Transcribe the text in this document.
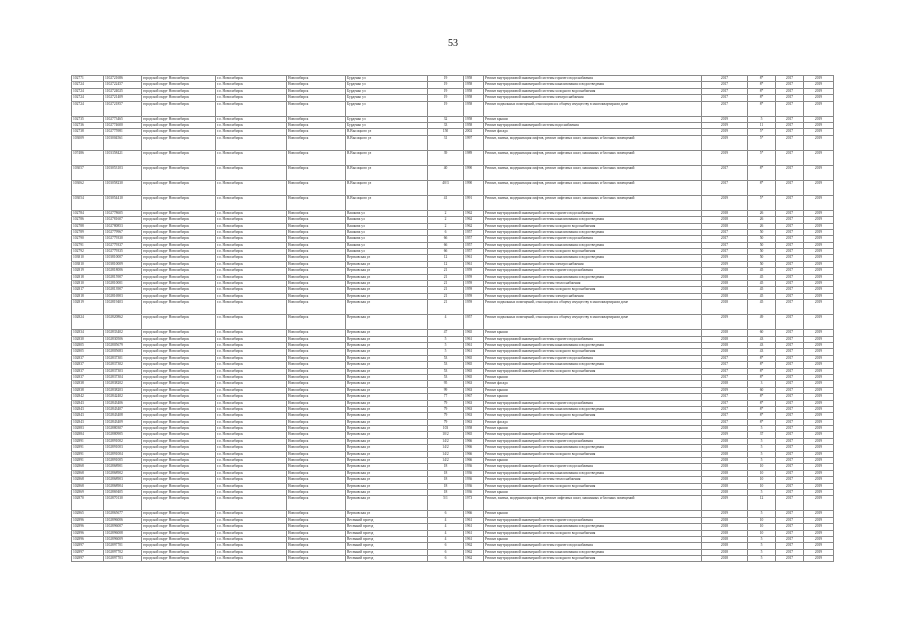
53
102771	1102721686	городской округ Новосибирск	г.о. Новосибирск	Новосибирск	Бурденко ул	19	1958	Ремонт внутридомовой инженерной системы горячего водоснабжения	2017	8*	2017	2019
102724	1102722457	городской округ Новосибирск	г.о. Новосибирск	Новосибирск	Бурденко ул	19	1958	Ремонт внутридомовой инженерной системы канализования и водоотведения	2017	8*	2017	2019
102724	1102724025	городской округ Новосибирск	г.о. Новосибирск	Новосибирск	Бурденко ул	19	1958	Ремонт внутридомовой инженерной системы холодного водоснабжения	2017	8*	2017	2019
102724	1102721409	городской округ Новосибирск	г.о. Новосибирск	Новосибирск	Бурденко ул	19	1958	Ремонт внутридомовой инженерной системы электроснабжения	2017	8*	2017	2019
102724	1102721857	городской округ Новосибирск	г.о. Новосибирск	Новосибирск	Бурденко ул	19	1958	Ремонт подвальных помещений, относящихся к общему имуществу в многоквартирном доме	2017	8*	2017	2019
102735	1102773465	городской округ Новосибирск	г.о. Новосибирск	Новосибирск	Бурденко ул	32	1958	Ремонт крыши	2019	5	2017	2019
102736	1102774600	городской округ Новосибирск	г.о. Новосибирск	Новосибирск	Бурденко ул	33	1958	Ремонт внутридомовой инженерной системы водоснабжения	2019	11	2017	2019
102738	1102775981	городской округ Новосибирск	г.о. Новосибирск	Новосибирск	В.Высоцкого ул	150	2002	Ремонт фасада	2019	5*	2017	2019
103009	1103004561	городской округ Новосибирск	г.о. Новосибирск	Новосибирск	В.Высоцкого ул	31	1997	Ремонт, замена, модернизация лифтов, ремонт лифтовых шахт, машинных и блочных помещений	2019	5*	2017	2019
107486	1103358421	городской округ Новосибирск	г.о. Новосибирск	Новосибирск	В.Высоцкого ул	39	1989	Ремонт, замена, модернизация лифтов, ремонт лифтовых шахт, машинных и блочных помещений	2019	5*	2017	2019
103057	1103053103	городской округ Новосибирск	г.о. Новосибирск	Новосибирск	В.Высоцкого ул	40	1990	Ремонт, замена, модернизация лифтов, ремонт лифтовых шахт, машинных и блочных помещений	2017	8*	2017	2019
103062	1103058230	городской округ Новосибирск	г.о. Новосибирск	Новосибирск	В.Высоцкого ул	40/3	1990	Ремонт, замена, модернизация лифтов, ремонт лифтовых шахт, машинных и блочных помещений	2017	8*	2017	2019
103054	1103054410	городской округ Новосибирск	г.о. Новосибирск	Новосибирск	В.Высоцкого ул	41	1991	Ремонт, замена, модернизация лифтов, ремонт лифтовых шахт, машинных и блочных помещений	2019	5*	2017	2019
102784	1102778605	городской округ Новосибирск	г.о. Новосибирск	Новосибирск	Вашкова ул	2	1962	Ремонт внутридомовой инженерной системы горячего водоснабжения	2018	26	2017	2019
102786	1102781607	городской округ Новосибирск	г.о. Новосибирск	Новосибирск	Вашкова ул	2	1962	Ремонт внутридомовой инженерной системы канализования и водоотведения	2018	26	2017	2019
102788	1102780853	городской округ Новосибирск	г.о. Новосибирск	Новосибирск	Вашкова ул	2	1962	Ремонт внутридомовой инженерной системы холодного водоснабжения	2018	26	2017	2019
102789	1102779967	городской округ Новосибирск	г.о. Новосибирск	Новосибирск	Вашкова ул	6	1957	Ремонт внутридомовой инженерной системы канализования и водоотведения	2017	50	2017	2019
102790	1102779330	городской округ Новосибирск	г.о. Новосибирск	Новосибирск	Вашкова ул	66	1957	Ремонт внутридомовой инженерной системы горячего водоснабжения	2017	50	2017	2019
102791	1102779337	городской округ Новосибирск	г.о. Новосибирск	Новосибирск	Вашкова ул	66	1957	Ремонт внутридомовой инженерной системы канализования и водоотведения	2017	50	2017	2019
102792	1102779335	городской округ Новосибирск	г.о. Новосибирск	Новосибирск	Вашкова ул	66	1957	Ремонт внутридомовой инженерной системы холодного водоснабжения	2017	50	2017	2019
103810	1103810007	городской округ Новосибирск	г.о. Новосибирск	Новосибирск	Вертковская ул	12	1961	Ремонт внутридомовой инженерной системы канализования и водоотведения	2019	50	2017	2019
103810	1103810009	городской округ Новосибирск	г.о. Новосибирск	Новосибирск	Вертковская ул	12	1961	Ремонт внутридомовой инженерной системы электроснабжения	2019	50	2017	2019
102819	1102818006	городской округ Новосибирск	г.о. Новосибирск	Новосибирск	Вертковская ул	21	1959	Ремонт внутридомовой инженерной системы горячего водоснабжения	2018	45	2017	2019
102818	1102815907	городской округ Новосибирск	г.о. Новосибирск	Новосибирск	Вертковская ул	21	1959	Ремонт внутридомовой инженерной системы канализования и водоотведения	2018	45	2017	2019
102810	1102810001	городской округ Новосибирск	г.о. Новосибирск	Новосибирск	Вертковская ул	21	1959	Ремонт внутридомовой инженерной системы теплоснабжения	2018	45	2017	2019
102817	1102813907	городской округ Новосибирск	г.о. Новосибирск	Новосибирск	Вертковская ул	21	1959	Ремонт внутридомовой инженерной системы холодного водоснабжения	2018	45	2017	2019
102818	1102816903	городской округ Новосибирск	г.о. Новосибирск	Новосибирск	Вертковская ул	21	1959	Ремонт внутридомовой инженерной системы электроснабжения	2018	45	2017	2019
102819	1102819403	городской округ Новосибирск	г.о. Новосибирск	Новосибирск	Вертковская ул	21	1959	Ремонт подвальных помещений, относящихся к общему имуществу в многоквартирном доме	2018	45	2017	2019
102824	1102820862	городской округ Новосибирск	г.о. Новосибирск	Новосибирск	Вертковская ул	4	1957	Ремонт подвальных помещений, относящихся к общему имуществу в многоквартирном доме	2019	49	2017	2019
102834	1102833402	городской округ Новосибирск	г.о. Новосибирск	Новосибирск	Вертковская ул	47	1965	Ремонт крыши	2018	60	2017	2019
102830	1102830506	городской округ Новосибирск	г.о. Новосибирск	Новосибирск	Вертковская ул	5	1961	Ремонт внутридомовой инженерной системы горячего водоснабжения	2018	43	2017	2019
102805	1102805679	городской округ Новосибирск	г.о. Новосибирск	Новосибирск	Вертковская ул	5	1961	Ремонт внутридомовой инженерной системы канализования и водоотведения	2018	43	2017	2019
102805	1102805683	городской округ Новосибирск	г.о. Новосибирск	Новосибирск	Вертковская ул	5	1961	Ремонт внутридомовой инженерной системы холодного водоснабжения	2018	43	2017	2019
102837	1102837301	городской округ Новосибирск	г.о. Новосибирск	Новосибирск	Вертковская ул	53	1965	Ремонт внутридомовой инженерной системы горячего водоснабжения	2017	8*	2017	2019
102837	1102837302	городской округ Новосибирск	г.о. Новосибирск	Новосибирск	Вертковская ул	53	1965	Ремонт внутридомовой инженерной системы канализования и водоотведения	2017	8*	2017	2019
102837	1102837303	городской округ Новосибирск	г.о. Новосибирск	Новосибирск	Вертковская ул	53	1965	Ремонт внутридомовой инженерной системы холодного водоснабжения	2017	8*	2017	2019
102837	1102837304	городской округ Новосибирск	г.о. Новосибирск	Новосибирск	Вертковская ул	53	1965	Ремонт крыши	2017	8*	2017	2019
102838	1102838202	городской округ Новосибирск	г.о. Новосибирск	Новосибирск	Вертковская ул	95	1963	Ремонт фасада	2018	3	2017	2019
102838	1102838203	городской округ Новосибирск	г.о. Новосибирск	Новосибирск	Вертковская ул	99	1963	Ремонт крыши	2019	60	2017	2019
102842	1102842402	городской округ Новосибирск	г.о. Новосибирск	Новосибирск	Вертковская ул	77	1967	Ремонт крыши	2017	8*	2017	2019
102843	1102843406	городской округ Новосибирск	г.о. Новосибирск	Новосибирск	Вертковская ул	79	1963	Ремонт внутридомовой инженерной системы горячего водоснабжения	2017	8*	2017	2019
102843	1102843407	городской округ Новосибирск	г.о. Новосибирск	Новосибирск	Вертковская ул	79	1963	Ремонт внутридомовой инженерной системы канализования и водоотведения	2017	8*	2017	2019
102843	1102843408	городской округ Новосибирск	г.о. Новосибирск	Новосибирск	Вертковская ул	79	1963	Ремонт внутридомовой инженерной системы холодного водоснабжения	2017	8*	2017	2019
102843	1102843409	городской округ Новосибирск	г.о. Новосибирск	Новосибирск	Вертковская ул	79	1963	Ремонт фасада	2017	8*	2017	2019
102883	1102880307	городской округ Новосибирск	г.о. Новосибирск	Новосибирск	Вертковская ул	103	1958	Ремонт крыши	2018	5	2017	2019
102884	1102880905	городской округ Новосибирск	г.о. Новосибирск	Новосибирск	Вертковская ул	10/2	1965	Ремонт внутридомовой инженерной системы электроснабжения	2019	37	2017	2019
102891	1102891002	городской округ Новосибирск	г.о. Новосибирск	Новосибирск	Вертковская ул	14/2	1966	Ремонт внутридомовой инженерной системы горячего водоснабжения	2018	5	2017	2019
102891	1102891003	городской округ Новосибирск	г.о. Новосибирск	Новосибирск	Вертковская ул	14/2	1966	Ремонт внутридомовой инженерной системы канализования и водоотведения	2018	5	2017	2019
102891	1102891004	городской округ Новосибирск	г.о. Новосибирск	Новосибирск	Вертковская ул	14/2	1966	Ремонт внутридомовой инженерной системы холодного водоснабжения	2018	5	2017	2019
102891	1102891005	городской округ Новосибирск	г.о. Новосибирск	Новосибирск	Вертковская ул	14/2	1966	Ремонт крыши	2018	5	2017	2019
102868	1102868901	городской округ Новосибирск	г.о. Новосибирск	Новосибирск	Вертковская ул	18	1936	Ремонт внутридомовой инженерной системы горячего водоснабжения	2018	10	2017	2019
102868	1102868902	городской округ Новосибирск	г.о. Новосибирск	Новосибирск	Вертковская ул	18	1936	Ремонт внутридомовой инженерной системы канализования и водоотведения	2018	10	2017	2019
102868	1102868903	городской округ Новосибирск	г.о. Новосибирск	Новосибирск	Вертковская ул	18	1936	Ремонт внутридомовой инженерной системы теплоснабжения	2018	10	2017	2019
102868	1102868904	городской округ Новосибирск	г.о. Новосибирск	Новосибирск	Вертковская ул	18	1936	Ремонт внутридомовой инженерной системы холодного водоснабжения	2018	10	2017	2019
102869	1102869405	городской округ Новосибирск	г.о. Новосибирск	Новосибирск	Вертковская ул	18	1936	Ремонт крыши	2018	5	2017	2019
102870	1102870130	городской округ Новосибирск	г.о. Новосибирск	Новосибирск	Вертковская ул	5/1	1973	Ремонт, замена, модернизация лифтов, ремонт лифтовых шахт, машинных и блочных помещений	2019	12	2017	2019
102865	1102865677	городской округ Новосибирск	г.о. Новосибирск	Новосибирск	Вертковская ул	6	1966	Ремонт крыши	2019	5	2017	2019
102896	1102896006	городской округ Новосибирск	г.о. Новосибирск	Новосибирск	Весенний проезд	4	1961	Ремонт внутридомовой инженерной системы горячего водоснабжения	2018	10	2017	2019
102896	1102896007	городской округ Новосибирск	г.о. Новосибирск	Новосибирск	Весенний проезд	4	1961	Ремонт внутридомовой инженерной системы канализования и водоотведения	2018	10	2017	2019
102896	1102896008	городской округ Новосибирск	г.о. Новосибирск	Новосибирск	Весенний проезд	4	1961	Ремонт внутридомовой инженерной системы холодного водоснабжения	2018	10	2017	2019
102896	1102896009	городской округ Новосибирск	г.о. Новосибирск	Новосибирск	Весенний проезд	4	1961	Ремонт крыши	2018	5	2017	2019
102897	1102897701	городской округ Новосибирск	г.о. Новосибирск	Новосибирск	Весенний проезд	6	1962	Ремонт внутридомовой инженерной системы горячего водоснабжения	2018	5	2017	2019
102897	1102897702	городской округ Новосибирск	г.о. Новосибирск	Новосибирск	Весенний проезд	6	1962	Ремонт внутридомовой инженерной системы канализования и водоотведения	2018	5	2017	2019
102897	1102897703	городской округ Новосибирск	г.о. Новосибирск	Новосибирск	Весенний проезд	6	1962	Ремонт внутридомовой инженерной системы холодного водоснабжения	2018	5	2017	2019
